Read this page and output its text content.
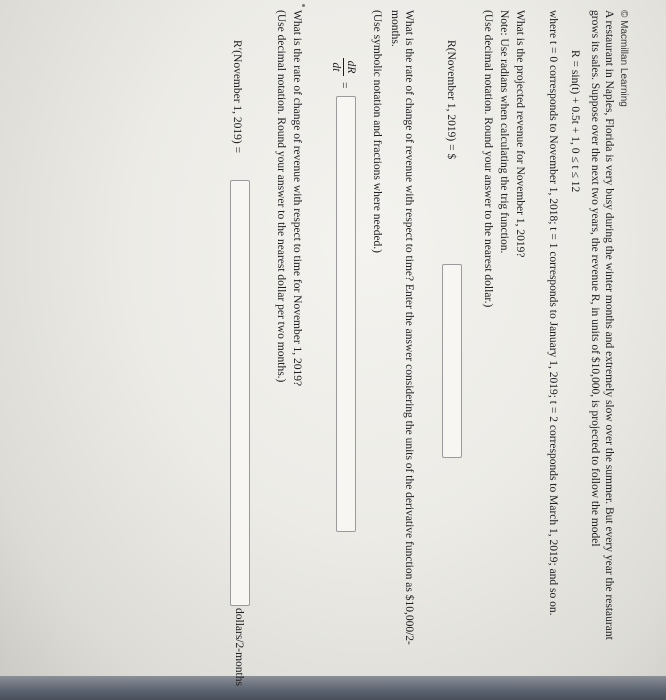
© Macmillan Learning
A restaurant in Naples, Florida is very busy during the winter months and extremely slow over the summer. But every year the restaurant grows its sales. Suppose over the next two years, the revenue R, in units of $10,000, is projected to follow the model
R = sin(t) + 0.5t + 1, 0 ≤ t ≤ 12
where t = 0 corresponds to November 1, 2018; t = 1 corresponds to January 1, 2019; t = 2 corresponds to March 1, 2019; and so on.
What is the projected revenue for November 1, 2019?
Note: Use radians when calculating the trig function.
(Use decimal notation. Round your answer to the nearest dollar.)
R(November 1, 2019) = $
What is the rate of change of revenue with respect to time? Enter the answer considering the units of the derivative function as $10,000/2-months.
(Use symbolic notation and fractions where needed.)
dR
dt
=
What is the rate of change of revenue with respect to time for November 1, 2019?
(Use decimal notation. Round your answer to the nearest dollar per two months.)
R′(November 1, 2019) =
dollars/2-months
